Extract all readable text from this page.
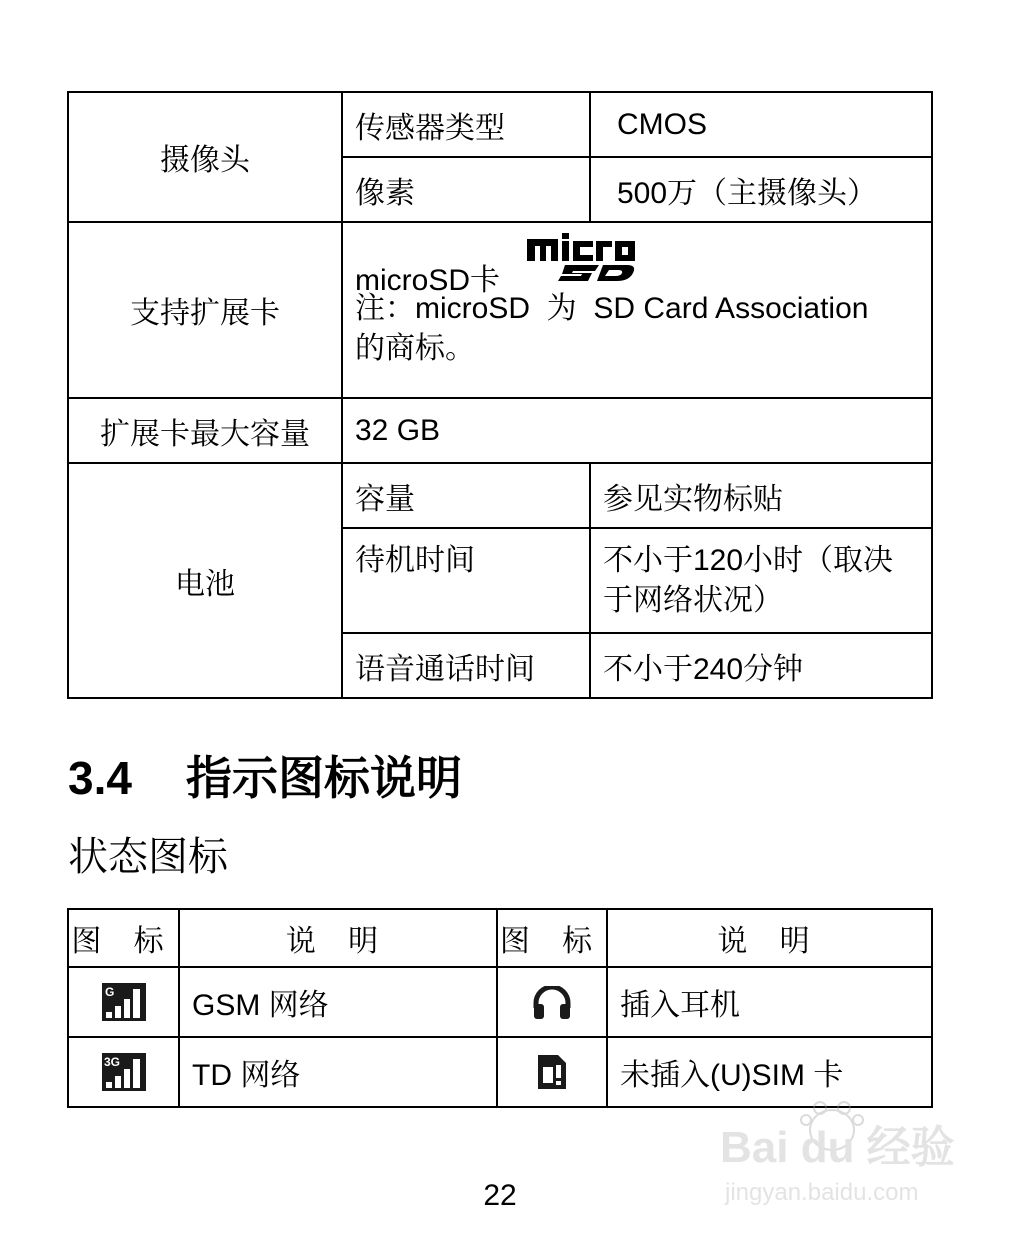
摄像头	传感器类型	CMOS
	像素	500万（主摄像头）
支持扩展卡	microSD卡
注：microSD  为  SD Card Association
的商标。	

扩展卡最大容量	32 GB	
电池	容量	参见实物标贴
	待机时间	不小于120小时（取决
于网络状况）

	语音通话时间	不小于240分钟
3.4 指示图标说明
状态图标
图 标	说 明	图 标	说 明

G	GSM 网络		插入耳机

3G	TD 网络		未插入(U)SIM 卡
22
Bai du 经验
jingyan.baidu.com
